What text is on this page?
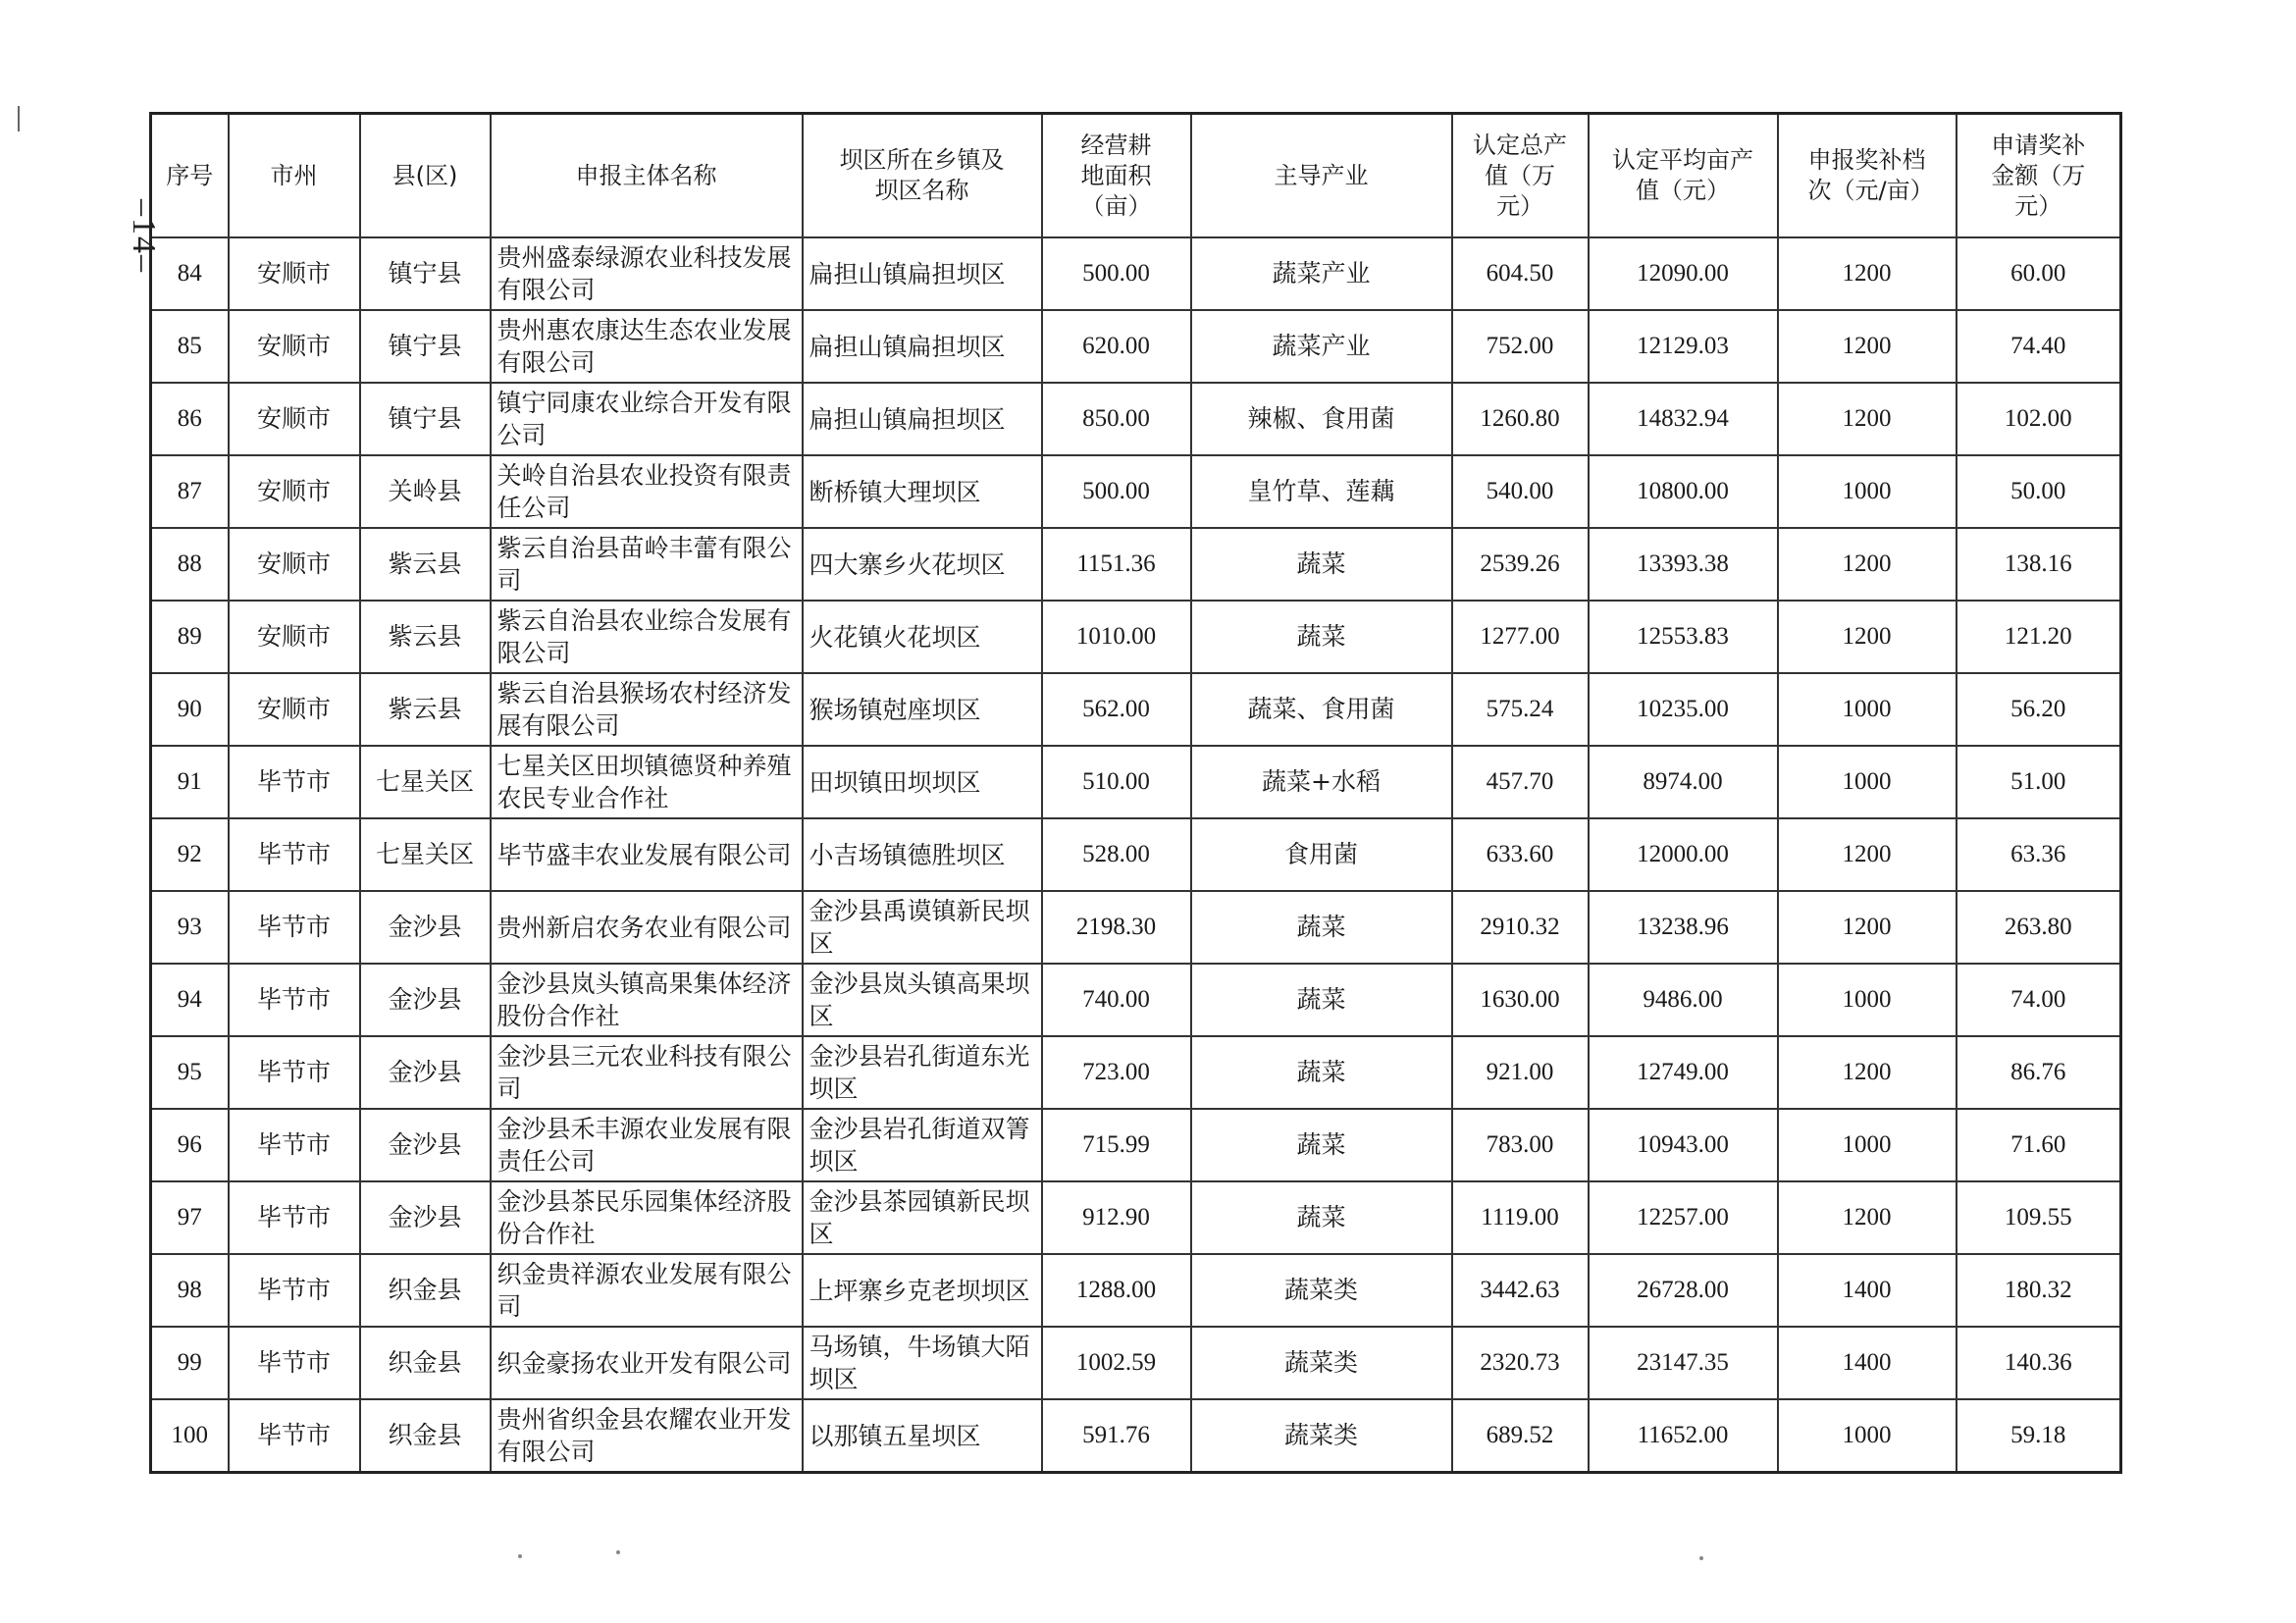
–14–
序号	市州	县(区)	申报主体名称	坝区所在乡镇及坝区名称	经营耕地面积（亩）	主导产业	认定总产值（万元）	认定平均亩产值（元）	申报奖补档次（元/亩）	申请奖补金额（万元）
84	安顺市	镇宁县	贵州盛泰绿源农业科技发展有限公司	扁担山镇扁担坝区	500.00	蔬菜产业	604.50	12090.00	1200	60.00
85	安顺市	镇宁县	贵州惠农康达生态农业发展有限公司	扁担山镇扁担坝区	620.00	蔬菜产业	752.00	12129.03	1200	74.40
86	安顺市	镇宁县	镇宁同康农业综合开发有限公司	扁担山镇扁担坝区	850.00	辣椒、食用菌	1260.80	14832.94	1200	102.00
87	安顺市	关岭县	关岭自治县农业投资有限责任公司	断桥镇大理坝区	500.00	皇竹草、莲藕	540.00	10800.00	1000	50.00
88	安顺市	紫云县	紫云自治县苗岭丰蕾有限公司	四大寨乡火花坝区	1151.36	蔬菜	2539.26	13393.38	1200	138.16
89	安顺市	紫云县	紫云自治县农业综合发展有限公司	火花镇火花坝区	1010.00	蔬菜	1277.00	12553.83	1200	121.20
90	安顺市	紫云县	紫云自治县猴场农村经济发展有限公司	猴场镇尅座坝区	562.00	蔬菜、食用菌	575.24	10235.00	1000	56.20
91	毕节市	七星关区	七星关区田坝镇德贤种养殖农民专业合作社	田坝镇田坝坝区	510.00	蔬菜+水稻	457.70	8974.00	1000	51.00
92	毕节市	七星关区	毕节盛丰农业发展有限公司	小吉场镇德胜坝区	528.00	食用菌	633.60	12000.00	1200	63.36
93	毕节市	金沙县	贵州新启农务农业有限公司	金沙县禹谟镇新民坝区	2198.30	蔬菜	2910.32	13238.96	1200	263.80
94	毕节市	金沙县	金沙县岚头镇高果集体经济股份合作社	金沙县岚头镇高果坝区	740.00	蔬菜	1630.00	9486.00	1000	74.00
95	毕节市	金沙县	金沙县三元农业科技有限公司	金沙县岩孔街道东光坝区	723.00	蔬菜	921.00	12749.00	1200	86.76
96	毕节市	金沙县	金沙县禾丰源农业发展有限责任公司	金沙县岩孔街道双箐坝区	715.99	蔬菜	783.00	10943.00	1000	71.60
97	毕节市	金沙县	金沙县茶民乐园集体经济股份合作社	金沙县茶园镇新民坝区	912.90	蔬菜	1119.00	12257.00	1200	109.55
98	毕节市	织金县	织金贵祥源农业发展有限公司	上坪寨乡克老坝坝区	1288.00	蔬菜类	3442.63	26728.00	1400	180.32
99	毕节市	织金县	织金豪扬农业开发有限公司	马场镇，牛场镇大陌坝区	1002.59	蔬菜类	2320.73	23147.35	1400	140.36
100	毕节市	织金县	贵州省织金县农耀农业开发有限公司	以那镇五星坝区	591.76	蔬菜类	689.52	11652.00	1000	59.18
